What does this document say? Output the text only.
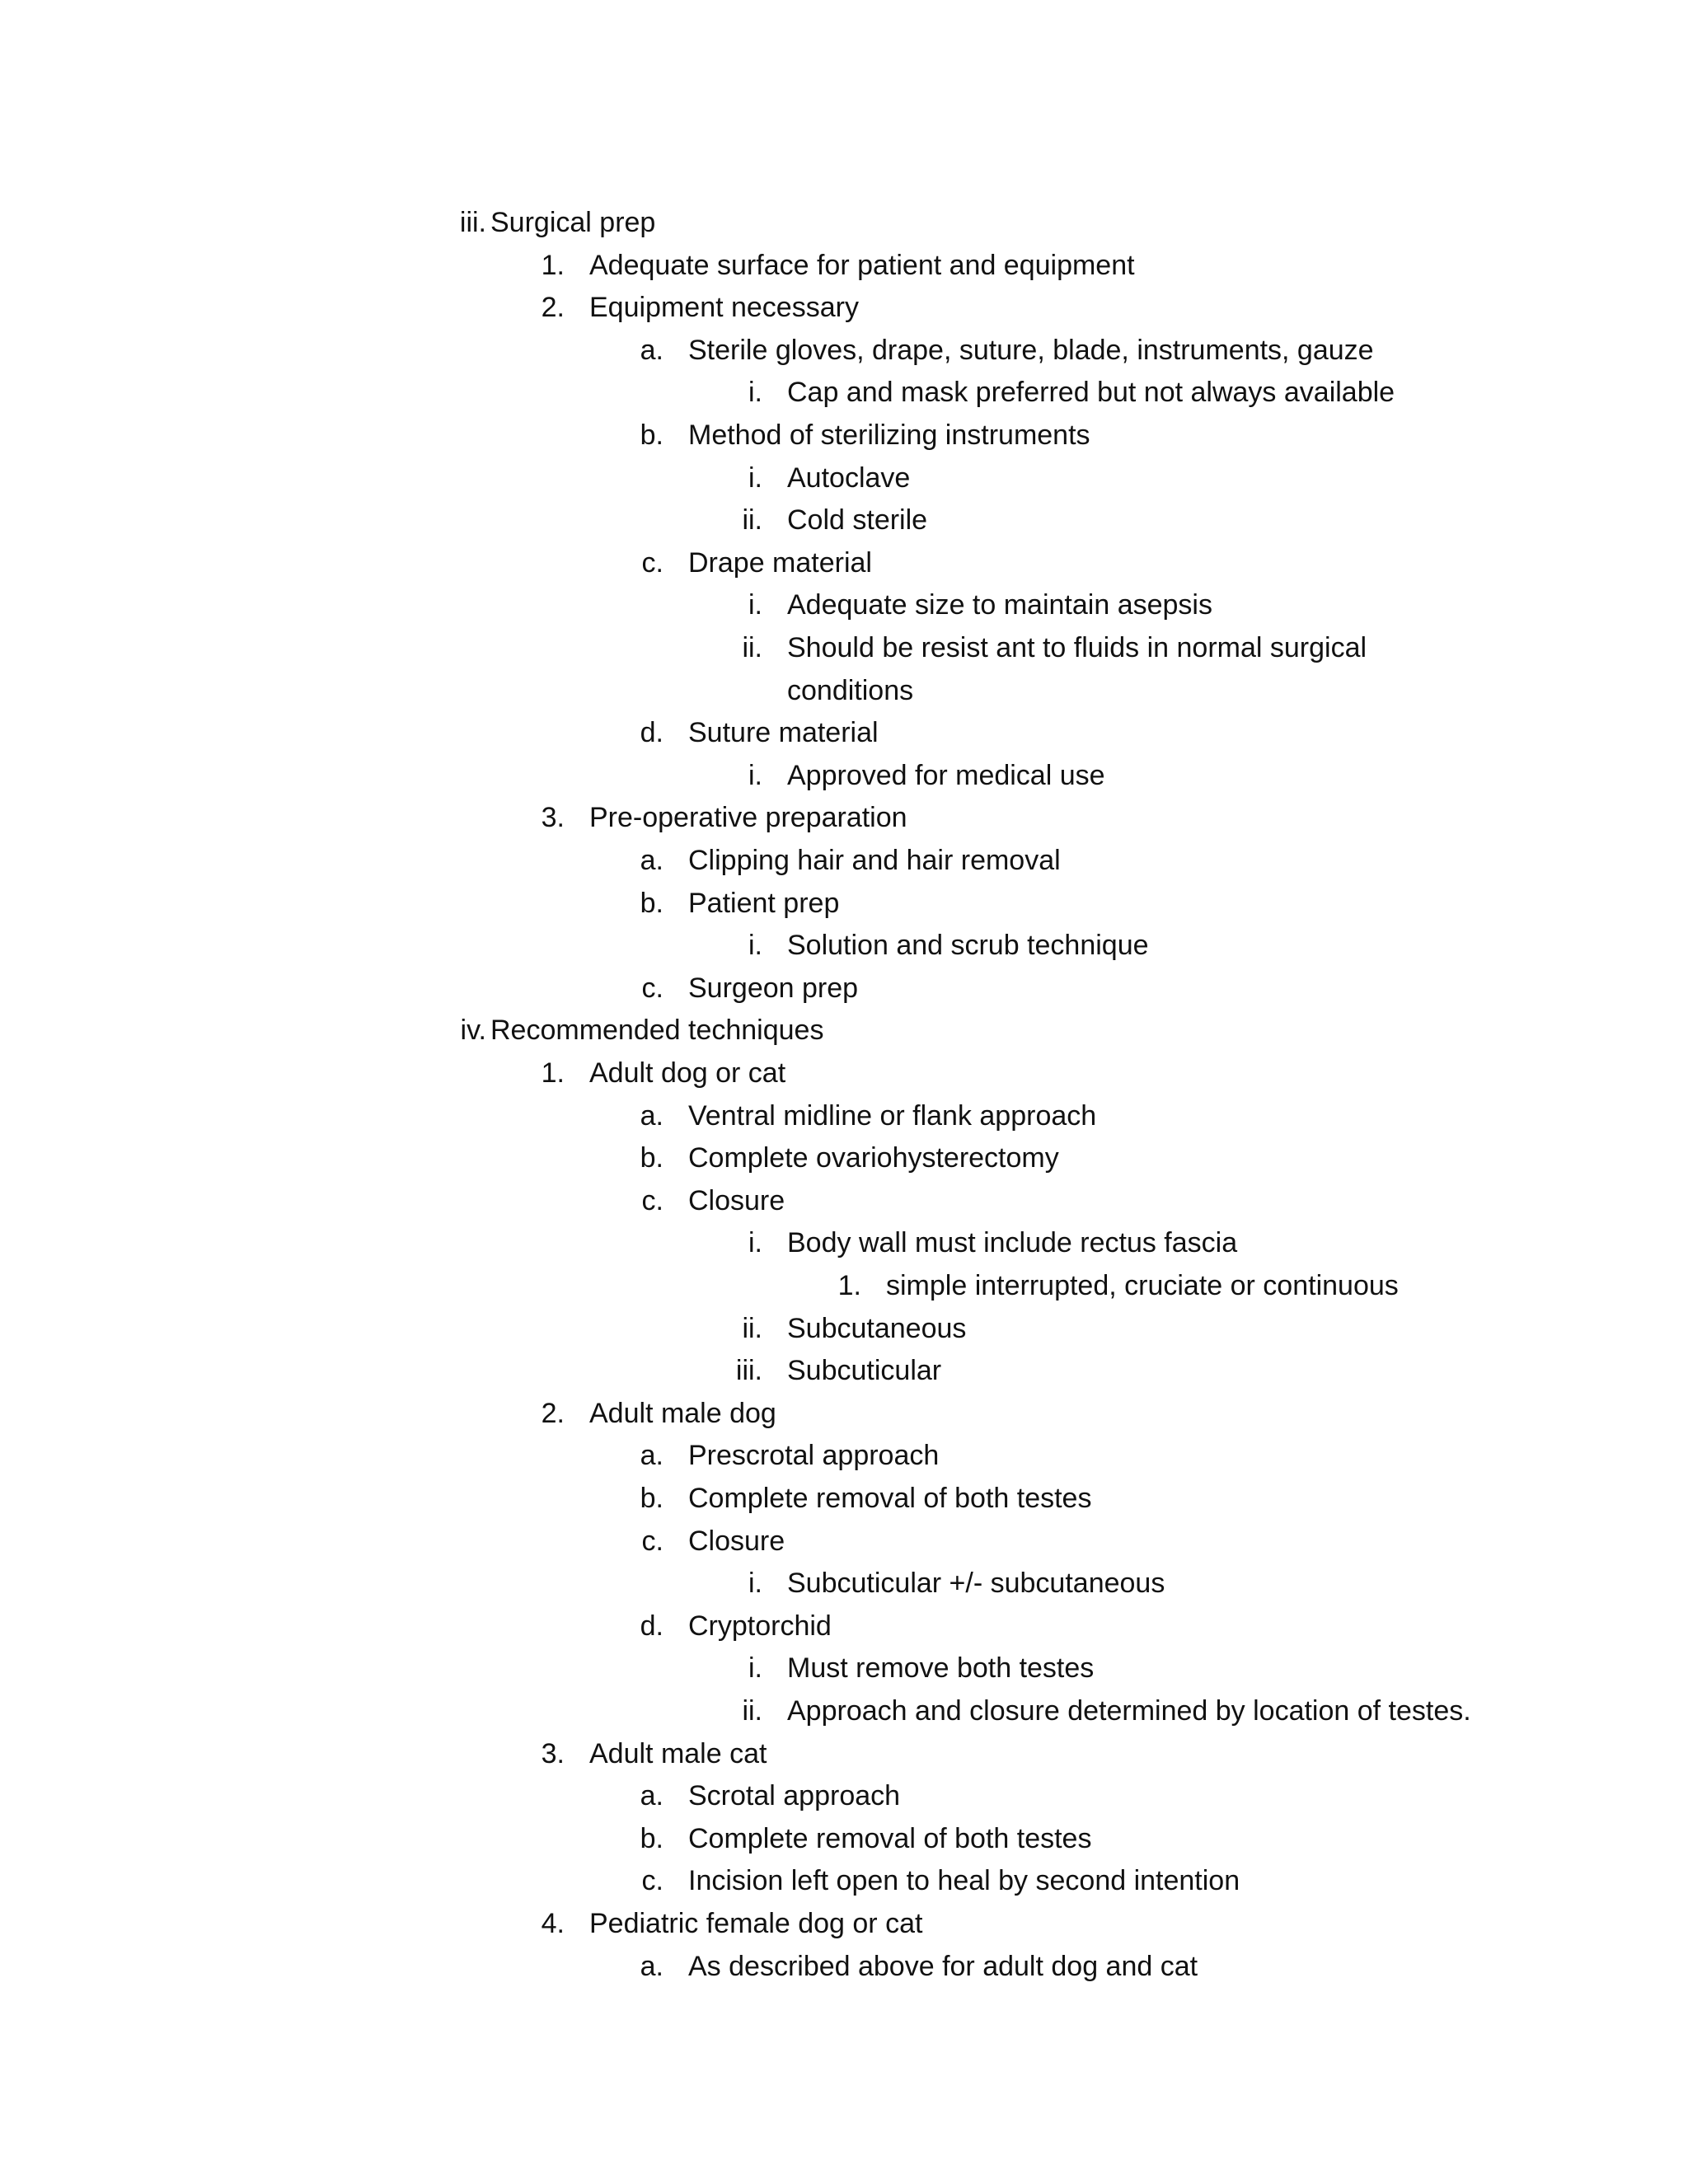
iii. Surgical prep
1. Adequate surface for patient and equipment
2. Equipment necessary
a. Sterile gloves, drape, suture, blade, instruments, gauze
i. Cap and mask preferred but not always available
b. Method of sterilizing instruments
i. Autoclave
ii. Cold sterile
c. Drape material
i. Adequate size to maintain asepsis
ii. Should be resist ant to fluids in normal surgical
conditions
d. Suture material
i. Approved for medical use
3. Pre-operative preparation
a. Clipping hair and hair removal
b. Patient prep
i. Solution and scrub technique
c. Surgeon prep
iv. Recommended techniques
1. Adult dog or cat
a. Ventral midline or flank approach
b. Complete ovariohysterectomy
c. Closure
i. Body wall must include rectus fascia
1. simple interrupted, cruciate or continuous
ii. Subcutaneous
iii. Subcuticular
2. Adult male dog
a. Prescrotal approach
b. Complete removal of both testes
c. Closure
i. Subcuticular +/- subcutaneous
d. Cryptorchid
i. Must remove both testes
ii. Approach and closure determined by location of testes.
3. Adult male cat
a. Scrotal approach
b. Complete removal of both testes
c. Incision left open to heal by second intention
4. Pediatric female dog or cat
a. As described above for adult dog and cat
